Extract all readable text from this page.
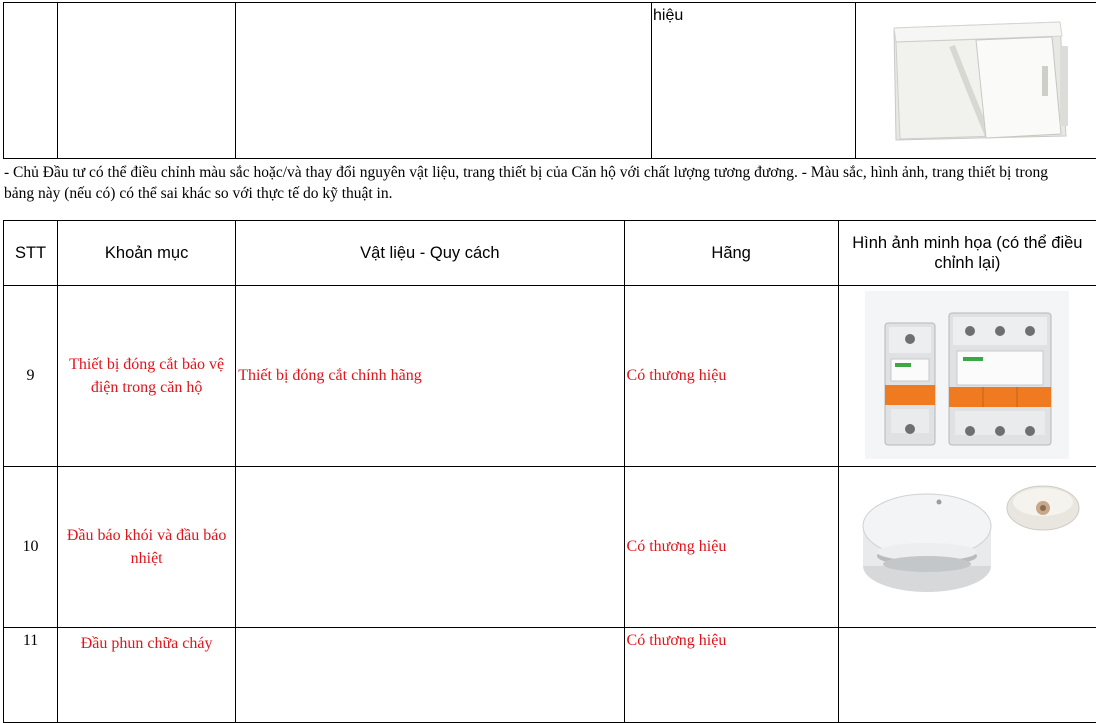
hiệu

- Chủ Đầu tư có thể điều chỉnh màu sắc hoặc/và thay đổi nguyên vật liệu, trang thiết bị của Căn hộ với chất lượng tương đương. - Màu sắc, hình ảnh, trang thiết bị trong bảng này (nếu có) có thể sai khác so với thực tế do kỹ thuật in.
STT	Khoản mục	Vật liệu - Quy cách	Hãng	Hình ảnh minh họa (có thể điều chỉnh lại)
9	Thiết bị đóng cắt bảo vệ điện trong căn hộ	Thiết bị đóng cắt chính hãng	Có thương hiệu	

10	Đầu báo khói và đầu báo nhiệt		Có thương hiệu	

11	Đầu phun chữa cháy		Có thương hiệu	
